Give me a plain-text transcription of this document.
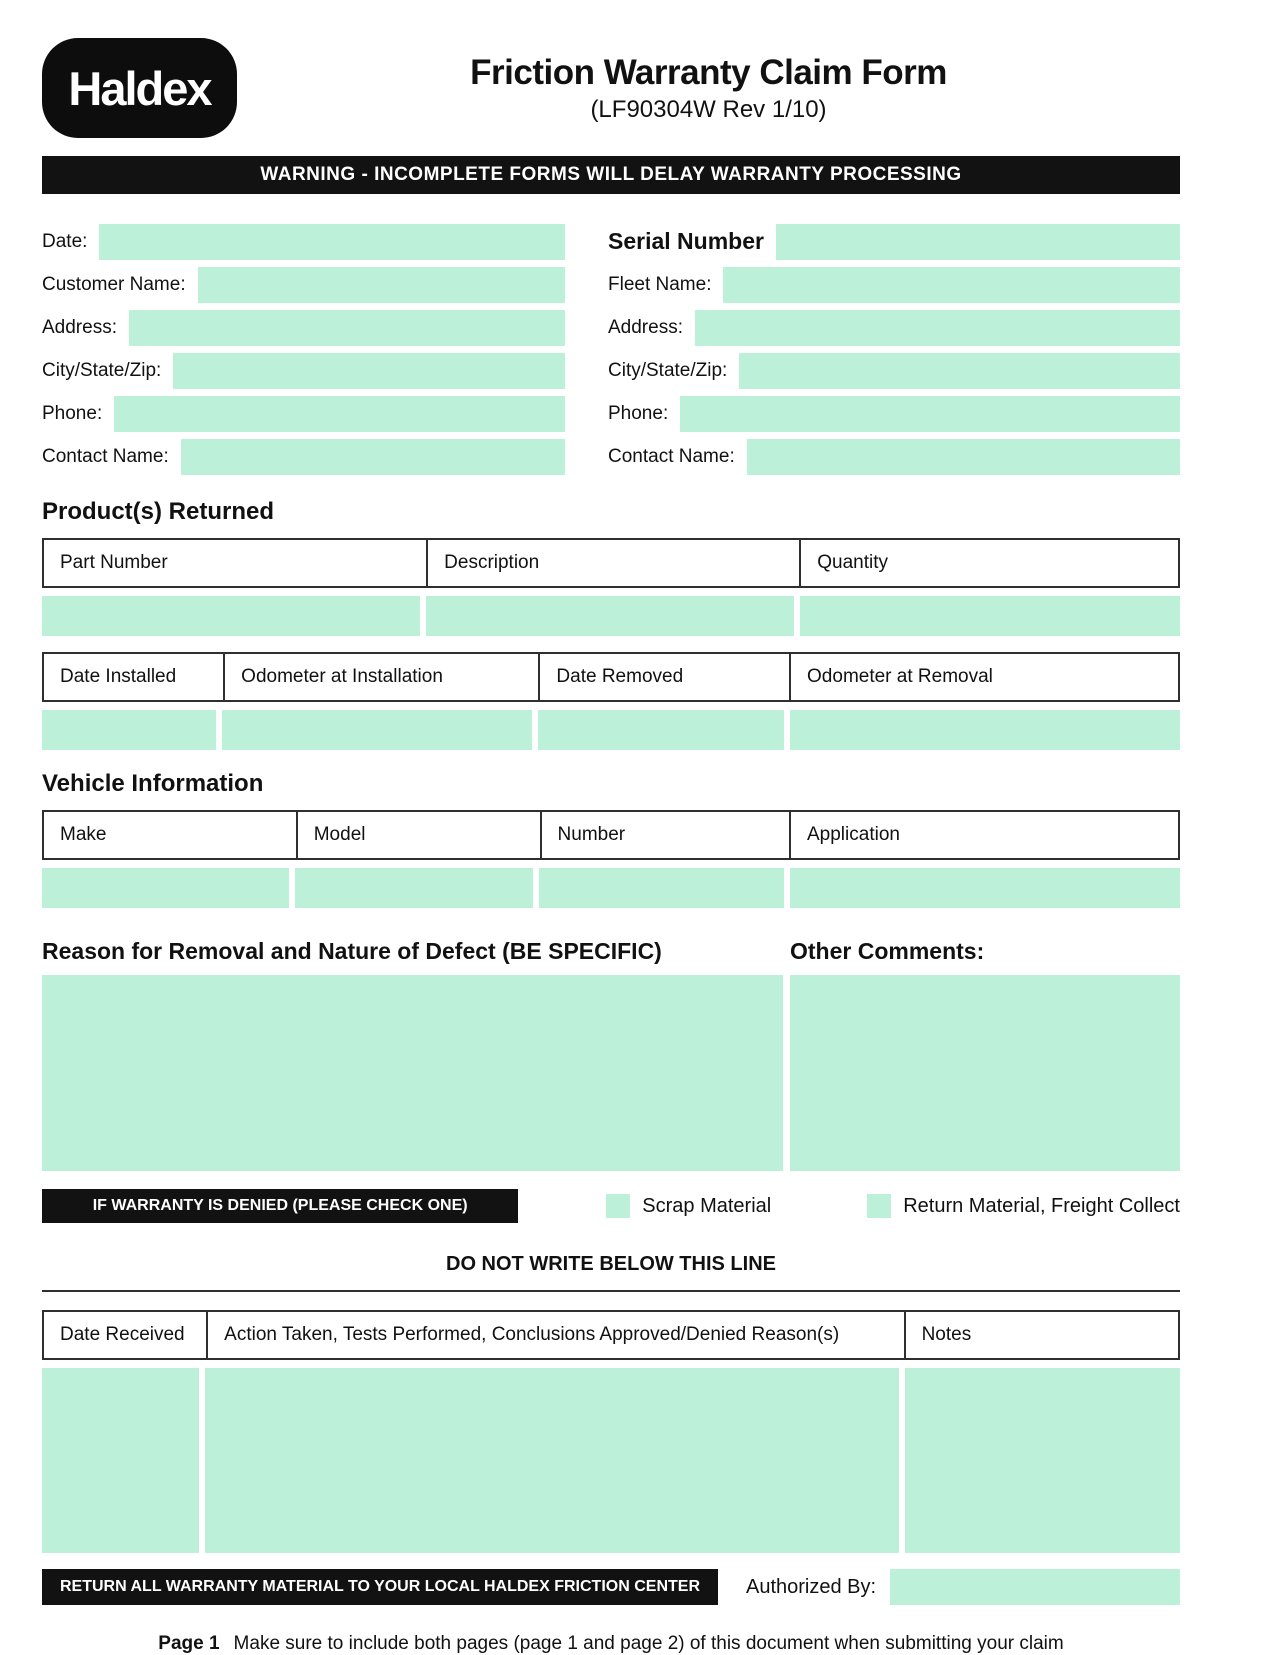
Haldex	Friction Warranty Claim Form
(LF90304W Rev 1/10)
WARNING - INCOMPLETE FORMS WILL DELAY WARRANTY PROCESSING
Date:
Customer Name:
Address:
City/State/Zip:
Phone:
Contact Name:
Serial Number
Fleet Name:
Address:
City/State/Zip:
Phone:
Contact Name:
Product(s) Returned
Part Number	Description	Quantity
Date Installed	Odometer at Installation	Date Removed	Odometer at Removal
Vehicle Information
Make	Model	Number	Application
Reason for Removal and Nature of Defect (BE SPECIFIC)	Other Comments:
IF WARRANTY IS DENIED (PLEASE CHECK ONE)	Scrap Material	Return Material, Freight Collect
DO NOT WRITE BELOW THIS LINE
Date Received	Action Taken, Tests Performed, Conclusions Approved/Denied Reason(s)	Notes
RETURN ALL WARRANTY MATERIAL TO YOUR LOCAL HALDEX FRICTION CENTER	Authorized By:
Page 1 Make sure to include both pages (page 1 and page 2) of this document when submitting your claim
